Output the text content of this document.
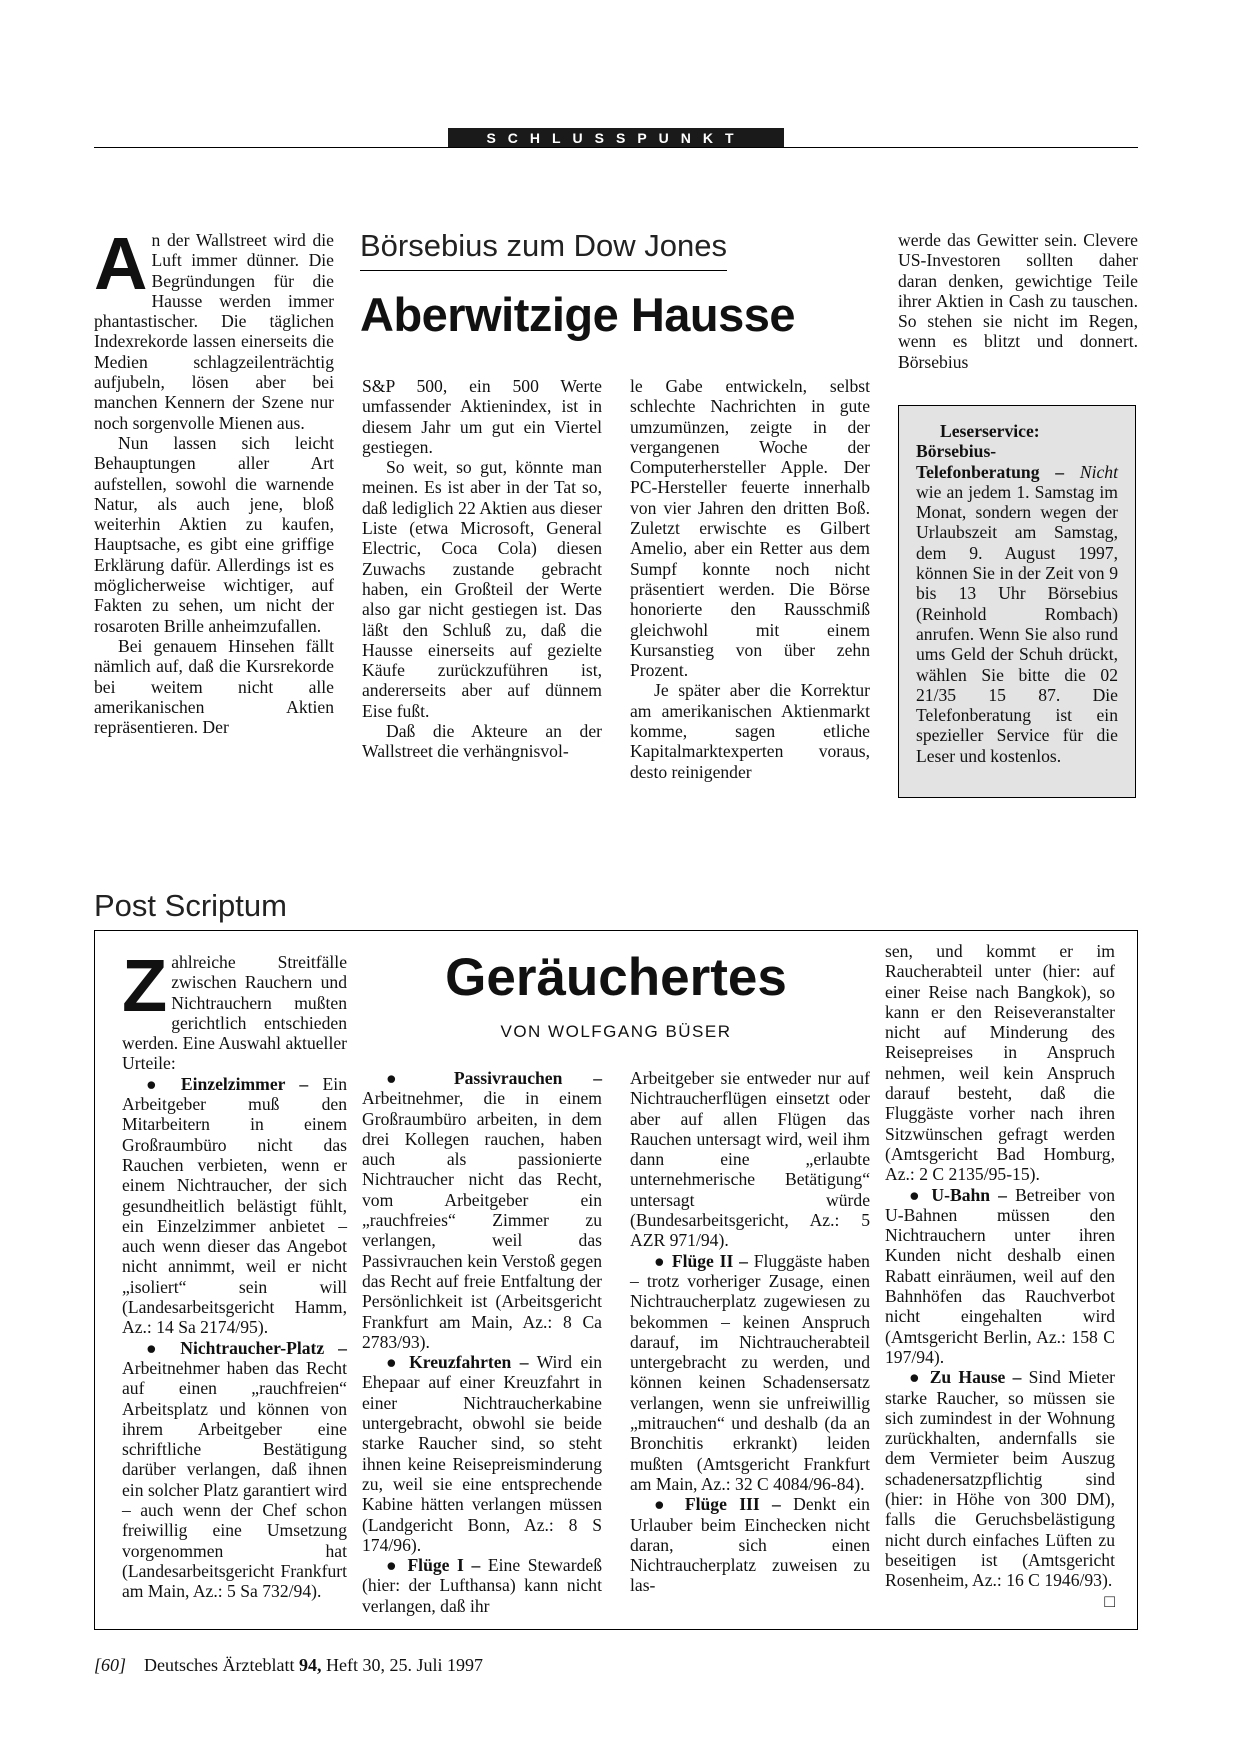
SCHLUSSPUNKT
Börsebius zum Dow Jones
Aberwitzige Hausse

An der Wallstreet wird die Luft immer dünner. Die Begründungen für die Hausse werden immer phantastischer. Die täglichen Indexrekorde lassen einerseits die Medien schlagzeilenträchtig aufjubeln, lösen aber bei manchen Kennern der Szene nur noch sorgenvolle Mienen aus.

Nun lassen sich leicht Behauptungen aller Art aufstellen, sowohl die warnende Natur, als auch jene, bloß weiterhin Aktien zu kaufen, Hauptsache, es gibt eine griffige Erklärung dafür. Allerdings ist es möglicherweise wichtiger, auf Fakten zu sehen, um nicht der rosaroten Brille anheimzufallen.

Bei genauem Hinsehen fällt nämlich auf, daß die Kursrekorde bei weitem nicht alle amerikanischen Aktien repräsentieren. Der

S&P 500, ein 500 Werte umfassender Aktienindex, ist in diesem Jahr um gut ein Viertel gestiegen.

So weit, so gut, könnte man meinen. Es ist aber in der Tat so, daß lediglich 22 Aktien aus dieser Liste (etwa Microsoft, General Electric, Coca Cola) diesen Zuwachs zustande gebracht haben, ein Großteil der Werte also gar nicht gestiegen ist. Das läßt den Schluß zu, daß die Hausse einerseits auf gezielte Käufe zurückzuführen ist, andererseits aber auf dünnem Eise fußt.

Daß die Akteure an der Wallstreet die verhängnisvol-

le Gabe entwickeln, selbst schlechte Nachrichten in gute umzumünzen, zeigte in der vergangenen Woche der Computerhersteller Apple. Der PC-Hersteller feuerte innerhalb von vier Jahren den dritten Boß. Zuletzt erwischte es Gilbert Amelio, aber ein Retter aus dem Sumpf konnte noch nicht präsentiert werden. Die Börse honorierte den Rausschmiß gleichwohl mit einem Kursanstieg von über zehn Prozent.

Je später aber die Korrektur am amerikanischen Aktienmarkt komme, sagen etliche Kapitalmarktexperten voraus, desto reinigender

werde das Gewitter sein. Clevere US-Investoren sollten daher daran denken, gewichtige Teile ihrer Aktien in Cash zu tauschen. So stehen sie nicht im Regen, wenn es blitzt und donnert. Börsebius

Leserservice: Börsebius-Telefonberatung – Nicht wie an jedem 1. Samstag im Monat, sondern wegen der Urlaubszeit am Samstag, dem 9. August 1997, können Sie in der Zeit von 9 bis 13 Uhr Börsebius (Reinhold Rombach) anrufen. Wenn Sie also rund ums Geld der Schuh drückt, wählen Sie bitte die 02 21/35 15 87. Die Telefonberatung ist ein spezieller Service für die Leser und kostenlos.

Post Scriptum
Geräuchertes
VON WOLFGANG BÜSER

Zahlreiche Streitfälle zwischen Rauchern und Nichtrauchern mußten gerichtlich entschieden werden. Eine Auswahl aktueller Urteile:

● Einzelzimmer – Ein Arbeitgeber muß den Mitarbeitern in einem Großraumbüro nicht das Rauchen verbieten, wenn er einem Nichtraucher, der sich gesundheitlich belästigt fühlt, ein Einzelzimmer anbietet – auch wenn dieser das Angebot nicht annimmt, weil er nicht „isoliert“ sein will (Landesarbeitsgericht Hamm, Az.: 14 Sa 2174/95).

● Nichtraucher-Platz – Arbeitnehmer haben das Recht auf einen „rauchfreien“ Arbeitsplatz und können von ihrem Arbeitgeber eine schriftliche Bestätigung darüber verlangen, daß ihnen ein solcher Platz garantiert wird – auch wenn der Chef schon freiwillig eine Umsetzung vorgenommen hat (Landesarbeitsgericht Frankfurt am Main, Az.: 5 Sa 732/94).

● Passivrauchen – Arbeitnehmer, die in einem Großraumbüro arbeiten, in dem drei Kollegen rauchen, haben auch als passionierte Nichtraucher nicht das Recht, vom Arbeitgeber ein „rauchfreies“ Zimmer zu verlangen, weil das Passivrauchen kein Verstoß gegen das Recht auf freie Entfaltung der Persönlichkeit ist (Arbeitsgericht Frankfurt am Main, Az.: 8 Ca 2783/93).

● Kreuzfahrten – Wird ein Ehepaar auf einer Kreuzfahrt in einer Nichtraucherkabine untergebracht, obwohl sie beide starke Raucher sind, so steht ihnen keine Reisepreisminderung zu, weil sie eine entsprechende Kabine hätten verlangen müssen (Landgericht Bonn, Az.: 8 S 174/96).

● Flüge I – Eine Stewardeß (hier: der Lufthansa) kann nicht verlangen, daß ihr

Arbeitgeber sie entweder nur auf Nichtraucherflügen einsetzt oder aber auf allen Flügen das Rauchen untersagt wird, weil ihm dann eine „erlaubte unternehmerische Betätigung“ untersagt würde (Bundesarbeitsgericht, Az.: 5 AZR 971/94).

● Flüge II – Fluggäste haben – trotz vorheriger Zusage, einen Nichtraucherplatz zugewiesen zu bekommen – keinen Anspruch darauf, im Nichtraucherabteil untergebracht zu werden, und können keinen Schadensersatz verlangen, wenn sie unfreiwillig „mitrauchen“ und deshalb (da an Bronchitis erkrankt) leiden mußten (Amtsgericht Frankfurt am Main, Az.: 32 C 4084/96-84).

● Flüge III – Denkt ein Urlauber beim Einchecken nicht daran, sich einen Nichtraucherplatz zuweisen zu las-

sen, und kommt er im Raucherabteil unter (hier: auf einer Reise nach Bangkok), so kann er den Reiseveranstalter nicht auf Minderung des Reisepreises in Anspruch nehmen, weil kein Anspruch darauf besteht, daß die Fluggäste vorher nach ihren Sitzwünschen gefragt werden (Amtsgericht Bad Homburg, Az.: 2 C 2135/95-15).

● U-Bahn – Betreiber von U-Bahnen müssen den Nichtrauchern unter ihren Kunden nicht deshalb einen Rabatt einräumen, weil auf den Bahnhöfen das Rauchverbot nicht eingehalten wird (Amtsgericht Berlin, Az.: 158 C 197/94).

● Zu Hause – Sind Mieter starke Raucher, so müssen sie sich zumindest in der Wohnung zurückhalten, andernfalls sie dem Vermieter beim Auszug schadenersatzpflichtig sind (hier: in Höhe von 300 DM), falls die Geruchsbelästigung nicht durch einfaches Lüften zu beseitigen ist (Amtsgericht Rosenheim, Az.: 16 C 1946/93).
□

[60] Deutsches Ärzteblatt 94, Heft 30, 25. Juli 1997
